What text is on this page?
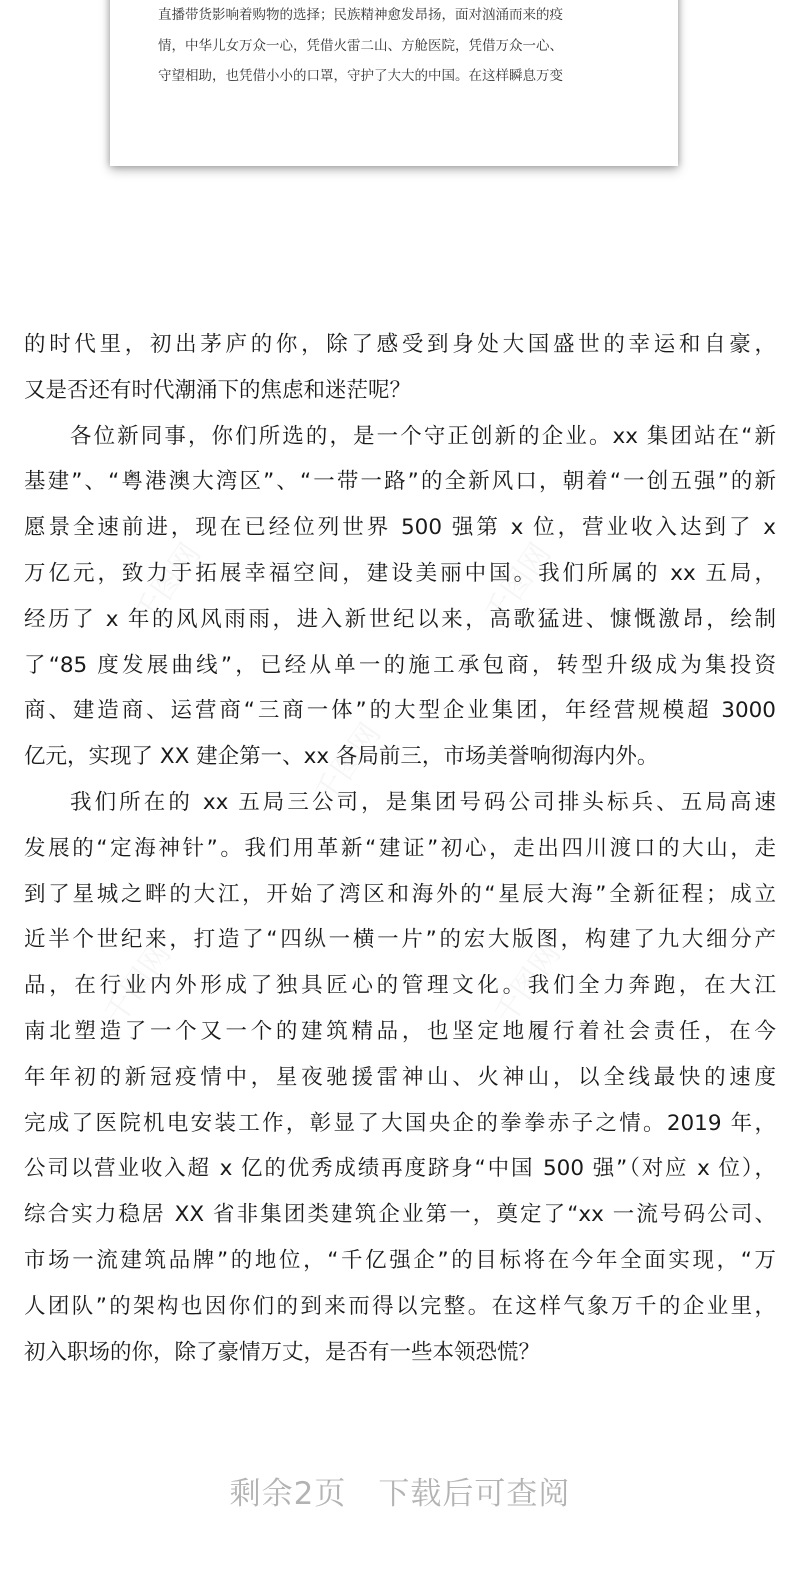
直播带货影响着购物的选择；民族精神愈发昂扬，面对汹涌而来的疫
情，中华儿女万众一心，凭借火雷二山、方舱医院，凭借万众一心、
守望相助，也凭借小小的口罩，守护了大大的中国。在这样瞬息万变
千图网	千图网
千图网
千图网	千图网
的时代里，初出茅庐的你，除了感受到身处大国盛世的幸运和自豪，
又是否还有时代潮涌下的焦虑和迷茫呢？
各位新同事，你们所选的，是一个守正创新的企业。xx 集团站在“新
基建”、“粤港澳大湾区”、“一带一路”的全新风口，朝着“一创五强”的新
愿景全速前进，现在已经位列世界 500 强第 x 位，营业收入达到了 x
万亿元，致力于拓展幸福空间，建设美丽中国。我们所属的 xx 五局，
经历了 x 年的风风雨雨，进入新世纪以来，高歌猛进、慷慨激昂，绘制
了“85 度发展曲线”，已经从单一的施工承包商，转型升级成为集投资
商、建造商、运营商“三商一体”的大型企业集团，年经营规模超 3000
亿元，实现了 XX 建企第一、xx 各局前三，市场美誉响彻海内外。
我们所在的 xx 五局三公司，是集团号码公司排头标兵、五局高速
发展的“定海神针”。我们用革新“建证”初心，走出四川渡口的大山，走
到了星城之畔的大江，开始了湾区和海外的“星辰大海”全新征程；成立
近半个世纪来，打造了“四纵一横一片”的宏大版图，构建了九大细分产
品，在行业内外形成了独具匠心的管理文化。我们全力奔跑，在大江
南北塑造了一个又一个的建筑精品，也坚定地履行着社会责任，在今
年年初的新冠疫情中，星夜驰援雷神山、火神山，以全线最快的速度
完成了医院机电安装工作，彰显了大国央企的拳拳赤子之情。2019 年，
公司以营业收入超 x 亿的优秀成绩再度跻身“中国 500 强”（对应 x 位），
综合实力稳居 XX 省非集团类建筑企业第一，奠定了“xx 一流号码公司、
市场一流建筑品牌”的地位，“千亿强企”的目标将在今年全面实现，“万
人团队”的架构也因你们的到来而得以完整。在这样气象万千的企业里，
初入职场的你，除了豪情万丈，是否有一些本领恐慌？
剩余2页 下载后可查阅
